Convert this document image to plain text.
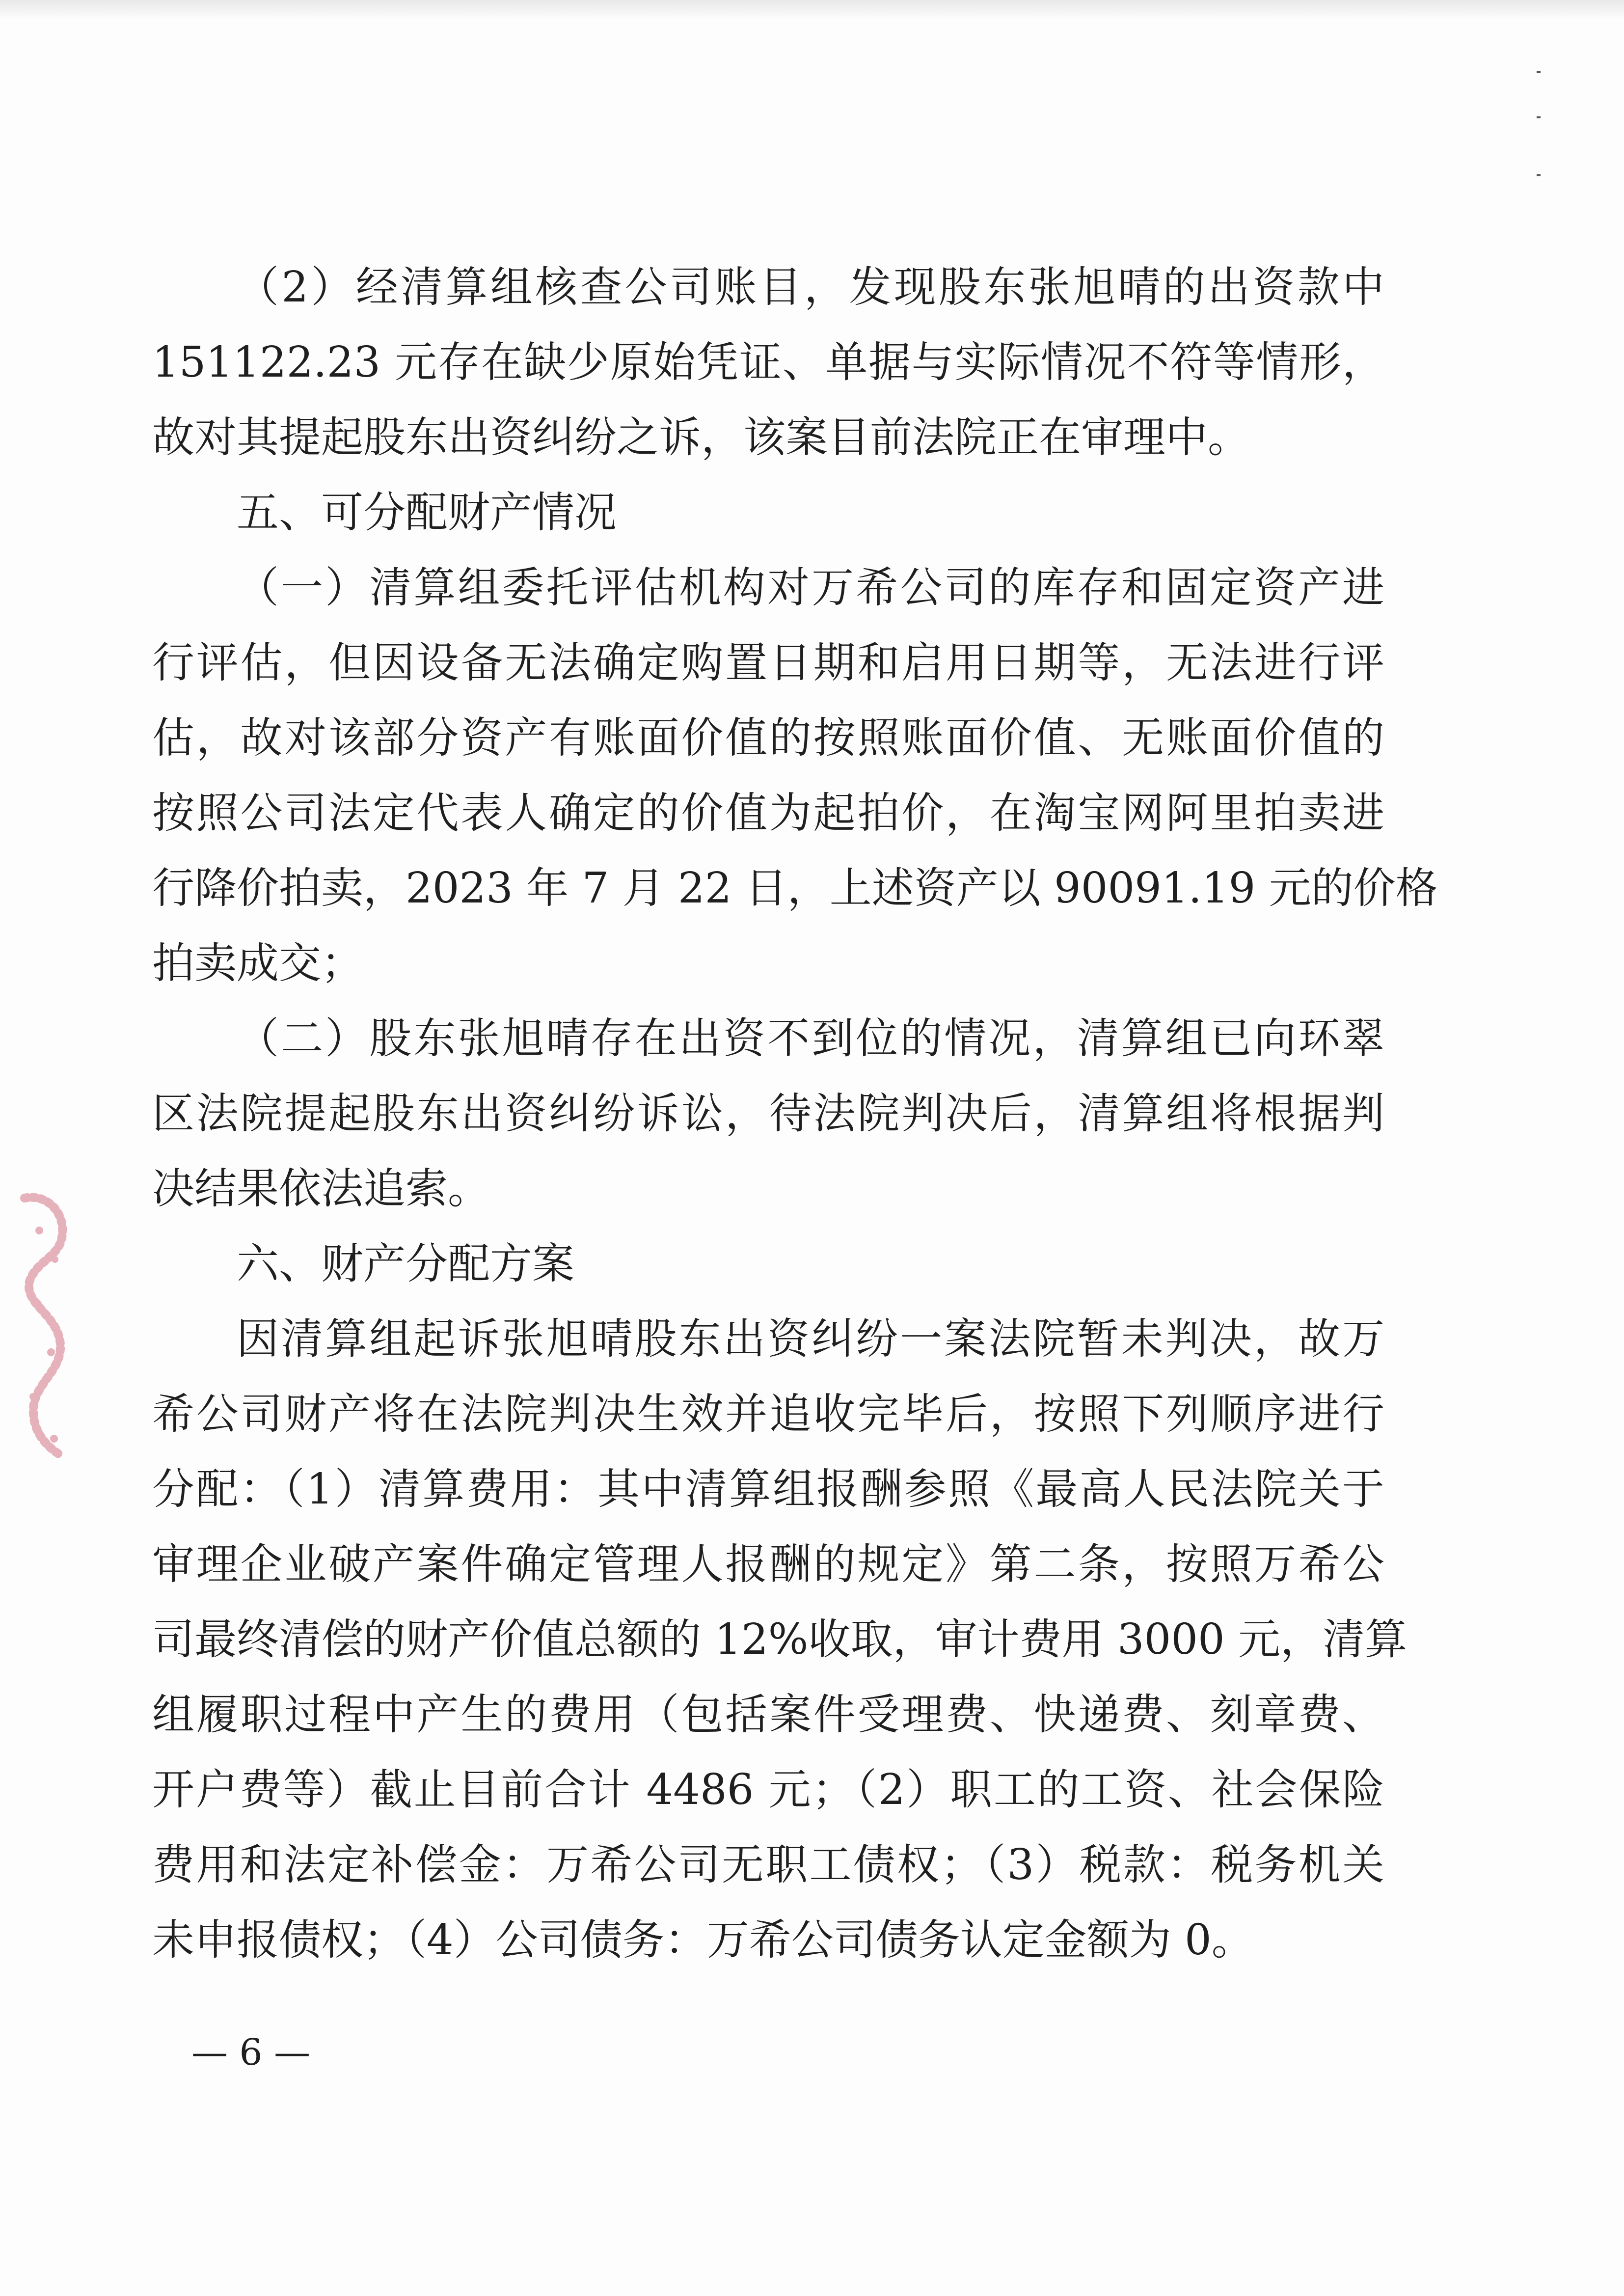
（2）经清算组核查公司账目，发现股东张旭晴的出资款中
151122.23 元存在缺少原始凭证、单据与实际情况不符等情形，
故对其提起股东出资纠纷之诉，该案目前法院正在审理中。
五、可分配财产情况
（一）清算组委托评估机构对万希公司的库存和固定资产进
行评估，但因设备无法确定购置日期和启用日期等，无法进行评
估，故对该部分资产有账面价值的按照账面价值、无账面价值的
按照公司法定代表人确定的价值为起拍价，在淘宝网阿里拍卖进
行降价拍卖，2023 年 7 月 22 日，上述资产以 90091.19 元的价格
拍卖成交；
（二）股东张旭晴存在出资不到位的情况，清算组已向环翠
区法院提起股东出资纠纷诉讼，待法院判决后，清算组将根据判
决结果依法追索。
六、财产分配方案
因清算组起诉张旭晴股东出资纠纷一案法院暂未判决，故万
希公司财产将在法院判决生效并追收完毕后，按照下列顺序进行
分配：（1）清算费用：其中清算组报酬参照《最高人民法院关于
审理企业破产案件确定管理人报酬的规定》第二条，按照万希公
司最终清偿的财产价值总额的 12%收取，审计费用 3000 元，清算
组履职过程中产生的费用（包括案件受理费、快递费、刻章费、
开户费等）截止目前合计 4486 元；（2）职工的工资、社会保险
费用和法定补偿金：万希公司无职工债权；（3）税款：税务机关
未申报债权；（4）公司债务：万希公司债务认定金额为 0。
— 6 —
